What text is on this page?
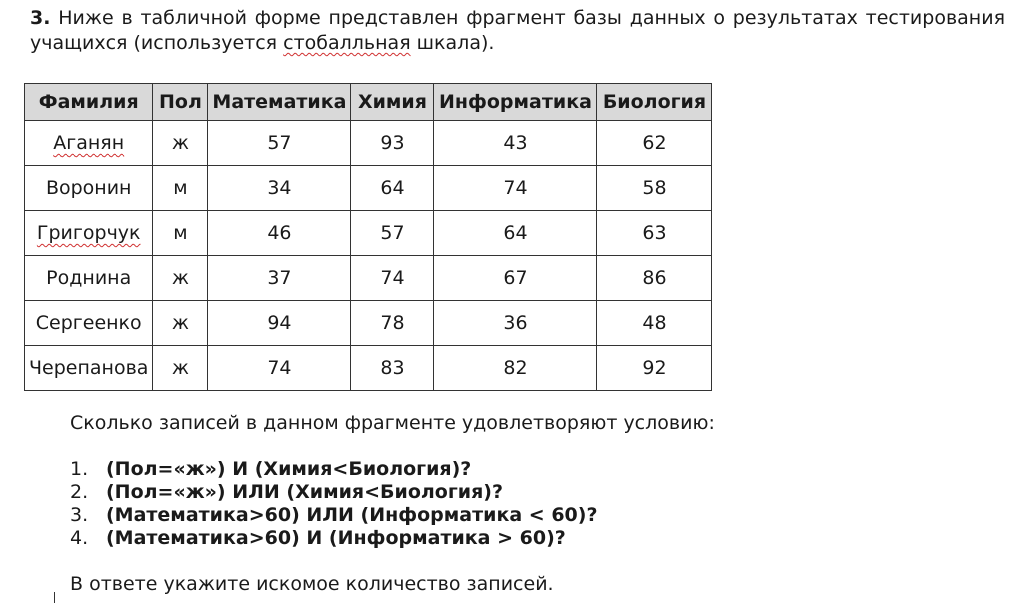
3. Ниже в табличной форме представлен фрагмент базы данных о результатах тестирования учащихся (используется стобалльная шкала).

Фамилия	Пол	Математика	Химия	Информатика	Биология
Аганян	ж	57	93	43	62
Воронин	м	34	64	74	58
Григорчук	м	46	57	64	63
Роднина	ж	37	74	67	86
Сергеенко	ж	94	78	36	48
Черепанова	ж	74	83	82	92

Сколько записей в данном фрагменте удовлетворяют условию:

1. (Пол=«ж») И (Химия<Биология)?
2. (Пол=«ж») ИЛИ (Химия<Биология)?
3. (Математика>60) ИЛИ (Информатика < 60)?
4. (Математика>60) И (Информатика > 60)?

В ответе укажите искомое количество записей.
